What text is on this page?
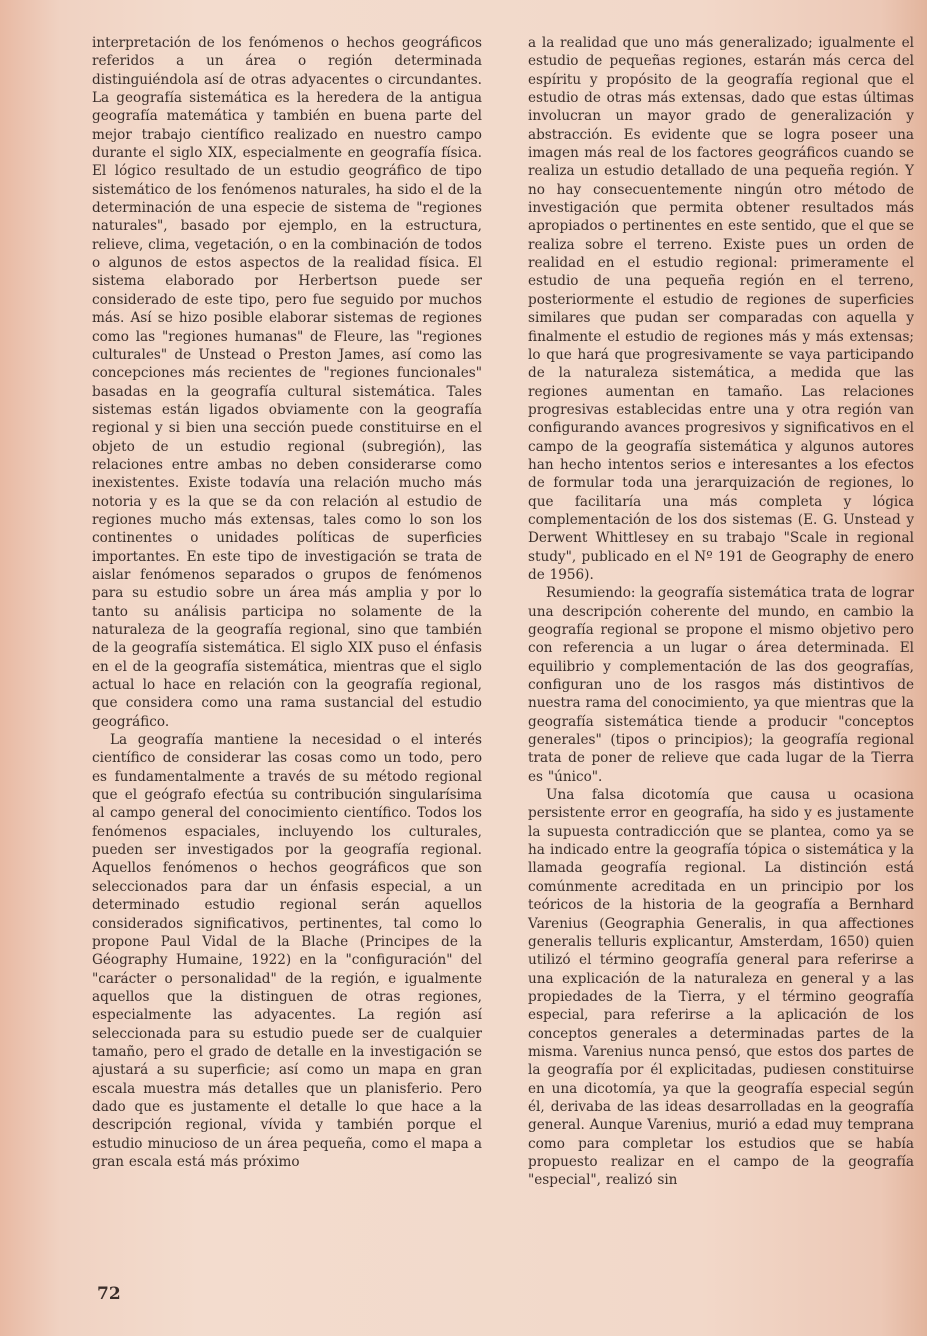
interpretación de los fenómenos o hechos geográficos referidos a un área o región determinada distinguiéndola así de otras adyacentes o circundantes. La geografía sistemática es la heredera de la antigua geografía matemática y también en buena parte del mejor trabajo científico realizado en nuestro campo durante el siglo XIX, especialmente en geografía física. El lógico resultado de un estudio geográfico de tipo sistemático de los fenómenos naturales, ha sido el de la determinación de una especie de sistema de "regiones naturales", basado por ejemplo, en la estructura, relieve, clima, vegetación, o en la combinación de todos o algunos de estos aspectos de la realidad física. El sistema elaborado por Herbertson puede ser considerado de este tipo, pero fue seguido por muchos más. Así se hizo posible elaborar sistemas de regiones como las "regiones humanas" de Fleure, las "regiones culturales" de Unstead o Preston James, así como las concepciones más recientes de "regiones funcionales" basadas en la geografía cultural sistemática. Tales sistemas están ligados obviamente con la geografía regional y si bien una sección puede constituirse en el objeto de un estudio regional (subregión), las relaciones entre ambas no deben considerarse como inexistentes. Existe todavía una relación mucho más notoria y es la que se da con relación al estudio de regiones mucho más extensas, tales como lo son los continentes o unidades políticas de superficies importantes. En este tipo de investigación se trata de aislar fenómenos separados o grupos de fenómenos para su estudio sobre un área más amplia y por lo tanto su análisis participa no solamente de la naturaleza de la geografía regional, sino que también de la geografía sistemática. El siglo XIX puso el énfasis en el de la geografía sistemática, mientras que el siglo actual lo hace en relación con la geografía regional, que considera como una rama sustancial del estudio geográfico.

La geografía mantiene la necesidad o el interés científico de considerar las cosas como un todo, pero es fundamentalmente a través de su método regional que el geógrafo efectúa su contribución singularísima al campo general del conocimiento científico. Todos los fenómenos espaciales, incluyendo los culturales, pueden ser investigados por la geografía regional. Aquellos fenómenos o hechos geográficos que son seleccionados para dar un énfasis especial, a un determinado estudio regional serán aquellos considerados significativos, pertinentes, tal como lo propone Paul Vidal de la Blache (Principes de la Géography Humaine, 1922) en la "configuración" del "carácter o personalidad" de la región, e igualmente aquellos que la distinguen de otras regiones, especialmente las adyacentes. La región así seleccionada para su estudio puede ser de cualquier tamaño, pero el grado de detalle en la investigación se ajustará a su superficie; así como un mapa en gran escala muestra más detalles que un planisferio. Pero dado que es justamente el detalle lo que hace a la descripción regional, vívida y también porque el estudio minucioso de un área pequeña, como el mapa a gran escala está más próximo

a la realidad que uno más generalizado; igualmente el estudio de pequeñas regiones, estarán más cerca del espíritu y propósito de la geografía regional que el estudio de otras más extensas, dado que estas últimas involucran un mayor grado de generalización y abstracción. Es evidente que se logra poseer una imagen más real de los factores geográficos cuando se realiza un estudio detallado de una pequeña región. Y no hay consecuentemente ningún otro método de investigación que permita obtener resultados más apropiados o pertinentes en este sentido, que el que se realiza sobre el terreno. Existe pues un orden de realidad en el estudio regional: primeramente el estudio de una pequeña región en el terreno, posteriormente el estudio de regiones de superficies similares que pudan ser comparadas con aquella y finalmente el estudio de regiones más y más extensas; lo que hará que progresivamente se vaya participando de la naturaleza sistemática, a medida que las regiones aumentan en tamaño. Las relaciones progresivas establecidas entre una y otra región van configurando avances progresivos y significativos en el campo de la geografía sistemática y algunos autores han hecho intentos serios e interesantes a los efectos de formular toda una jerarquización de regiones, lo que facilitaría una más completa y lógica complementación de los dos sistemas (E. G. Unstead y Derwent Whittlesey en su trabajo "Scale in regional study", publicado en el Nº 191 de Geography de enero de 1956).

Resumiendo: la geografía sistemática trata de lograr una descripción coherente del mundo, en cambio la geografía regional se propone el mismo objetivo pero con referencia a un lugar o área determinada. El equilibrio y complementación de las dos geografías, configuran uno de los rasgos más distintivos de nuestra rama del conocimiento, ya que mientras que la geografía sistemática tiende a producir "conceptos generales" (tipos o principios); la geografía regional trata de poner de relieve que cada lugar de la Tierra es "único".

Una falsa dicotomía que causa u ocasiona persistente error en geografía, ha sido y es justamente la supuesta contradicción que se plantea, como ya se ha indicado entre la geografía tópica o sistemática y la llamada geografía regional. La distinción está comúnmente acreditada en un principio por los teóricos de la historia de la geografía a Bernhard Varenius (Geographia Generalis, in qua affectiones generalis telluris explicantur, Amsterdam, 1650) quien utilizó el término geografía general para referirse a una explicación de la naturaleza en general y a las propiedades de la Tierra, y el término geografía especial, para referirse a la aplicación de los conceptos generales a determinadas partes de la misma. Varenius nunca pensó, que estos dos partes de la geografía por él explicitadas, pudiesen constituirse en una dicotomía, ya que la geografía especial según él, derivaba de las ideas desarrolladas en la geografía general. Aunque Varenius, murió a edad muy temprana como para completar los estudios que se había propuesto realizar en el campo de la geografía "especial", realizó sin

72
